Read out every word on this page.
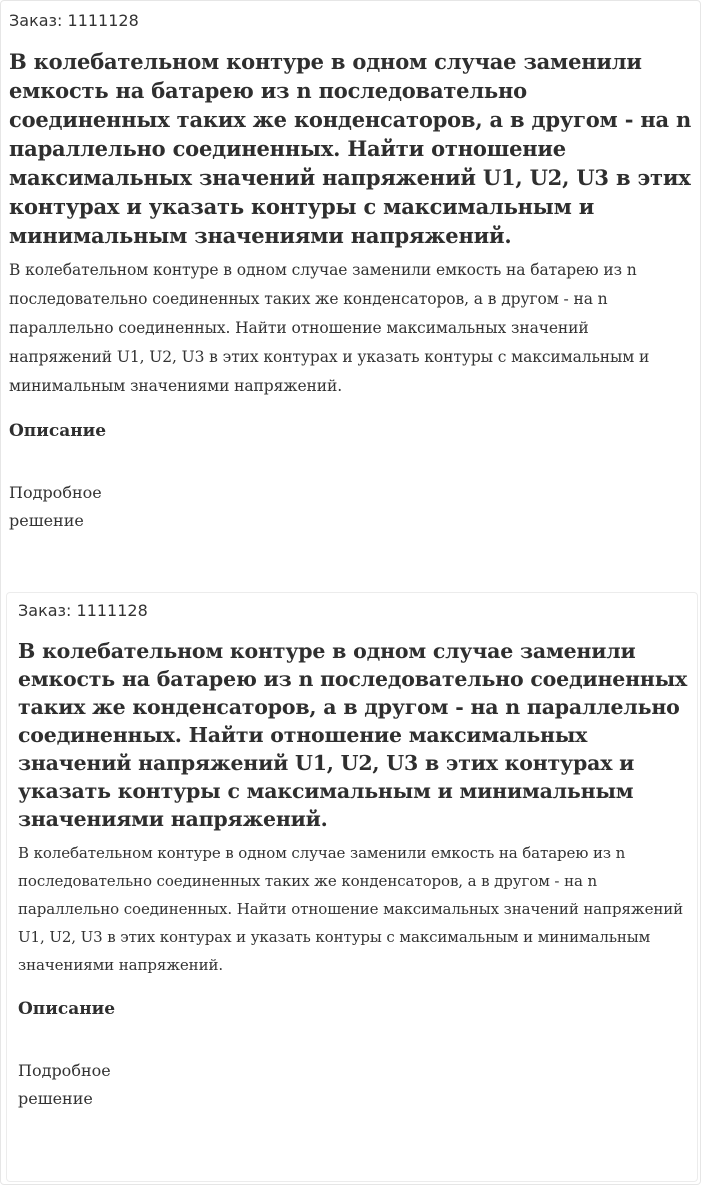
Заказ: 1111128

В колебательном контуре в одном случае заменили емкость на батарею из n последовательно соединенных таких же конденсаторов, а в другом - на n параллельно соединенных. Найти отношение максимальных значений напряжений U1, U2, U3 в этих контурах и указать контуры с максимальным и минимальным значениями напряжений.

В колебательном контуре в одном случае заменили емкость на батарею из n последовательно соединенных таких же конденсаторов, а в другом - на n параллельно соединенных. Найти отношение максимальных значений напряжений U1, U2, U3 в этих контурах и указать контуры с максимальным и минимальным значениями напряжений.

Описание

Подробное решение

Заказ: 1111128

В колебательном контуре в одном случае заменили емкость на батарею из n последовательно соединенных таких же конденсаторов, а в другом - на n параллельно соединенных. Найти отношение максимальных значений напряжений U1, U2, U3 в этих контурах и указать контуры с максимальным и минимальным значениями напряжений.

В колебательном контуре в одном случае заменили емкость на батарею из n последовательно соединенных таких же конденсаторов, а в другом - на n параллельно соединенных. Найти отношение максимальных значений напряжений U1, U2, U3 в этих контурах и указать контуры с максимальным и минимальным значениями напряжений.

Описание

Подробное решение
